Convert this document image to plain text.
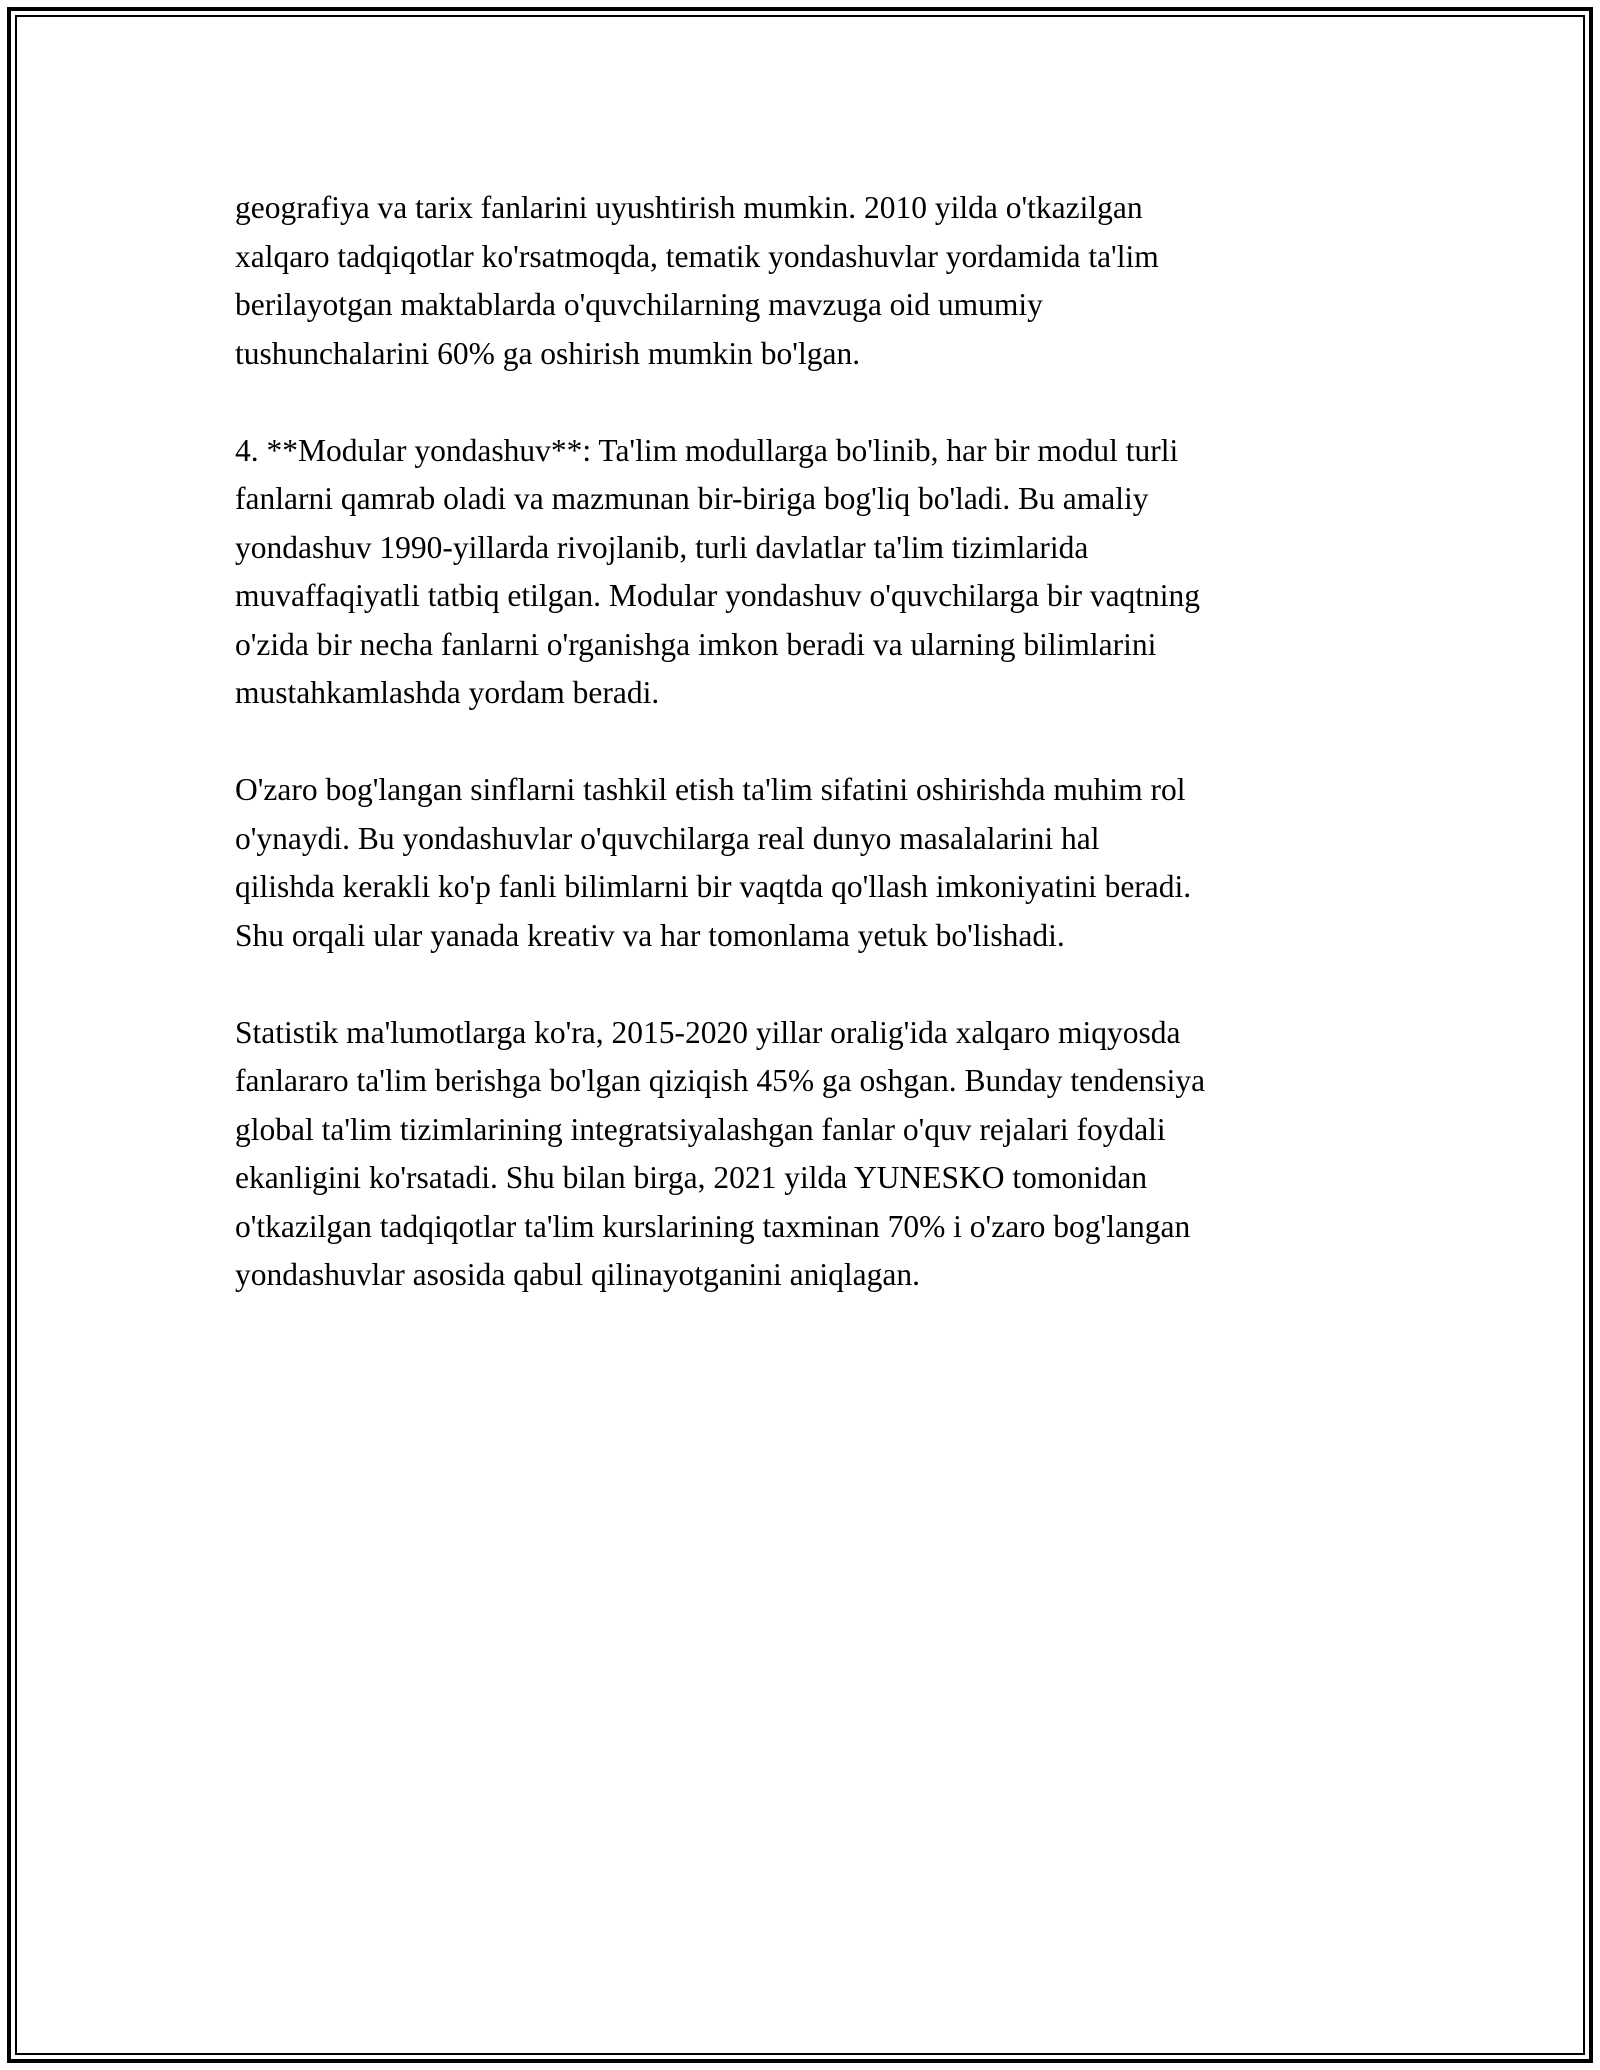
geografiya va tarix fanlarini uyushtirish mumkin. 2010 yilda o'tkazilgan
xalqaro tadqiqotlar ko'rsatmoqda, tematik yondashuvlar yordamida ta'lim
berilayotgan maktablarda o'quvchilarning mavzuga oid umumiy
tushunchalarini 60% ga oshirish mumkin bo'lgan.

4. **Modular yondashuv**: Ta'lim modullarga bo'linib, har bir modul turli
fanlarni qamrab oladi va mazmunan bir-biriga bog'liq bo'ladi. Bu amaliy
yondashuv 1990-yillarda rivojlanib, turli davlatlar ta'lim tizimlarida
muvaffaqiyatli tatbiq etilgan. Modular yondashuv o'quvchilarga bir vaqtning
o'zida bir necha fanlarni o'rganishga imkon beradi va ularning bilimlarini
mustahkamlashda yordam beradi.

O'zaro bog'langan sinflarni tashkil etish ta'lim sifatini oshirishda muhim rol
o'ynaydi. Bu yondashuvlar o'quvchilarga real dunyo masalalarini hal
qilishda kerakli ko'p fanli bilimlarni bir vaqtda qo'llash imkoniyatini beradi.
Shu orqali ular yanada kreativ va har tomonlama yetuk bo'lishadi.

Statistik ma'lumotlarga ko'ra, 2015-2020 yillar oralig'ida xalqaro miqyosda
fanlararo ta'lim berishga bo'lgan qiziqish 45% ga oshgan. Bunday tendensiya
global ta'lim tizimlarining integratsiyalashgan fanlar o'quv rejalari foydali
ekanligini ko'rsatadi. Shu bilan birga, 2021 yilda YUNESKO tomonidan
o'tkazilgan tadqiqotlar ta'lim kurslarining taxminan 70% i o'zaro bog'langan
yondashuvlar asosida qabul qilinayotganini aniqlagan.
